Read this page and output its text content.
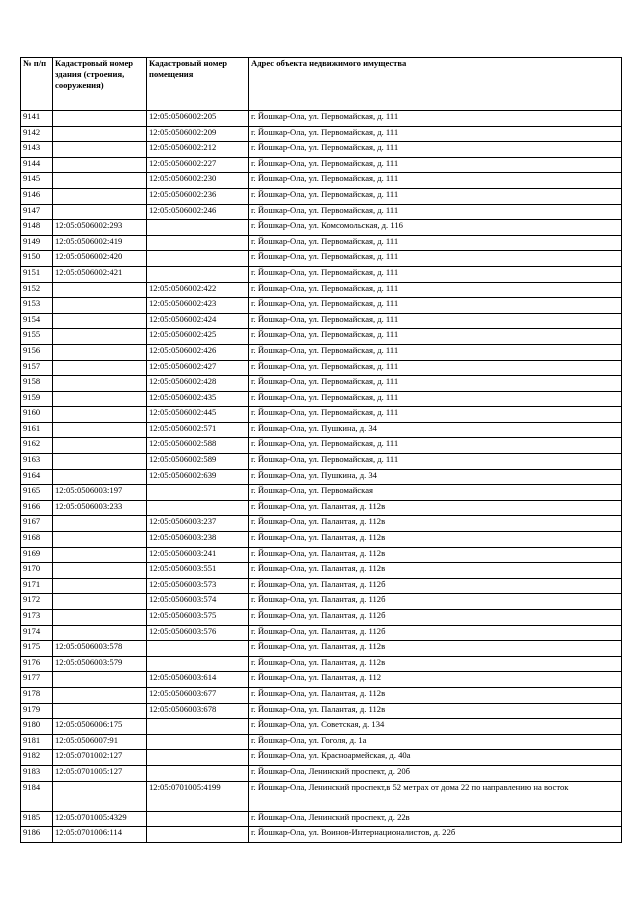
№ п/п	Кадастровый номер здания (строения, сооружения)	Кадастровый номер помещения	Адрес объекта недвижимого имущества
9141		12:05:0506002:205	г. Йошкар-Ола, ул. Первомайская, д. 111
9142		12:05:0506002:209	г. Йошкар-Ола, ул. Первомайская, д. 111
9143		12:05:0506002:212	г. Йошкар-Ола, ул. Первомайская, д. 111
9144		12:05:0506002:227	г. Йошкар-Ола, ул. Первомайская, д. 111
9145		12:05:0506002:230	г. Йошкар-Ола, ул. Первомайская, д. 111
9146		12:05:0506002:236	г. Йошкар-Ола, ул. Первомайская, д. 111
9147		12:05:0506002:246	г. Йошкар-Ола, ул. Первомайская, д. 111
9148	12:05:0506002:293		г. Йошкар-Ола, ул. Комсомольская, д. 116
9149	12:05:0506002:419		г. Йошкар-Ола, ул. Первомайская, д. 111
9150	12:05:0506002:420		г. Йошкар-Ола, ул. Первомайская, д. 111
9151	12:05:0506002:421		г. Йошкар-Ола, ул. Первомайская, д. 111
9152		12:05:0506002:422	г. Йошкар-Ола, ул. Первомайская, д. 111
9153		12:05:0506002:423	г. Йошкар-Ола, ул. Первомайская, д. 111
9154		12:05:0506002:424	г. Йошкар-Ола, ул. Первомайская, д. 111
9155		12:05:0506002:425	г. Йошкар-Ола, ул. Первомайская, д. 111
9156		12:05:0506002:426	г. Йошкар-Ола, ул. Первомайская, д. 111
9157		12:05:0506002:427	г. Йошкар-Ола, ул. Первомайская, д. 111
9158		12:05:0506002:428	г. Йошкар-Ола, ул. Первомайская, д. 111
9159		12:05:0506002:435	г. Йошкар-Ола, ул. Первомайская, д. 111
9160		12:05:0506002:445	г. Йошкар-Ола, ул. Первомайская, д. 111
9161		12:05:0506002:571	г. Йошкар-Ола, ул. Пушкина, д. 34
9162		12:05:0506002:588	г. Йошкар-Ола, ул. Первомайская, д. 111
9163		12:05:0506002:589	г. Йошкар-Ола, ул. Первомайская, д. 111
9164		12:05:0506002:639	г. Йошкар-Ола, ул. Пушкина, д. 34
9165	12:05:0506003:197		г. Йошкар-Ола, ул. Первомайская
9166	12:05:0506003:233		г. Йошкар-Ола, ул. Палантая, д. 112в
9167		12:05:0506003:237	г. Йошкар-Ола, ул. Палантая, д. 112в
9168		12:05:0506003:238	г. Йошкар-Ола, ул. Палантая, д. 112в
9169		12:05:0506003:241	г. Йошкар-Ола, ул. Палантая, д. 112в
9170		12:05:0506003:551	г. Йошкар-Ола, ул. Палантая, д. 112в
9171		12:05:0506003:573	г. Йошкар-Ола, ул. Палантая, д. 112б
9172		12:05:0506003:574	г. Йошкар-Ола, ул. Палантая, д. 112б
9173		12:05:0506003:575	г. Йошкар-Ола, ул. Палантая, д. 112б
9174		12:05:0506003:576	г. Йошкар-Ола, ул. Палантая, д. 112б
9175	12:05:0506003:578		г. Йошкар-Ола, ул. Палантая, д. 112в
9176	12:05:0506003:579		г. Йошкар-Ола, ул. Палантая, д. 112в
9177		12:05:0506003:614	г. Йошкар-Ола, ул. Палантая, д. 112
9178		12:05:0506003:677	г. Йошкар-Ола, ул. Палантая, д. 112в
9179		12:05:0506003:678	г. Йошкар-Ола, ул. Палантая, д. 112в
9180	12:05:0506006:175		г. Йошкар-Ола, ул. Советская, д. 134
9181	12:05:0506007:91		г. Йошкар-Ола, ул. Гоголя, д. 1а
9182	12:05:0701002:127		г. Йошкар-Ола, ул. Красноармейская, д. 40а
9183	12:05:0701005:127		г. Йошкар-Ола, Ленинский проспект, д. 20б
9184		12:05:0701005:4199	г. Йошкар-Ола, Ленинский проспект,в 52 метрах от дома 22 по направлению на восток
9185	12:05:0701005:4329		г. Йошкар-Ола, Ленинский проспект, д. 22в
9186	12:05:0701006:114		г. Йошкар-Ола, ул. Воинов-Интернационалистов, д. 22б
